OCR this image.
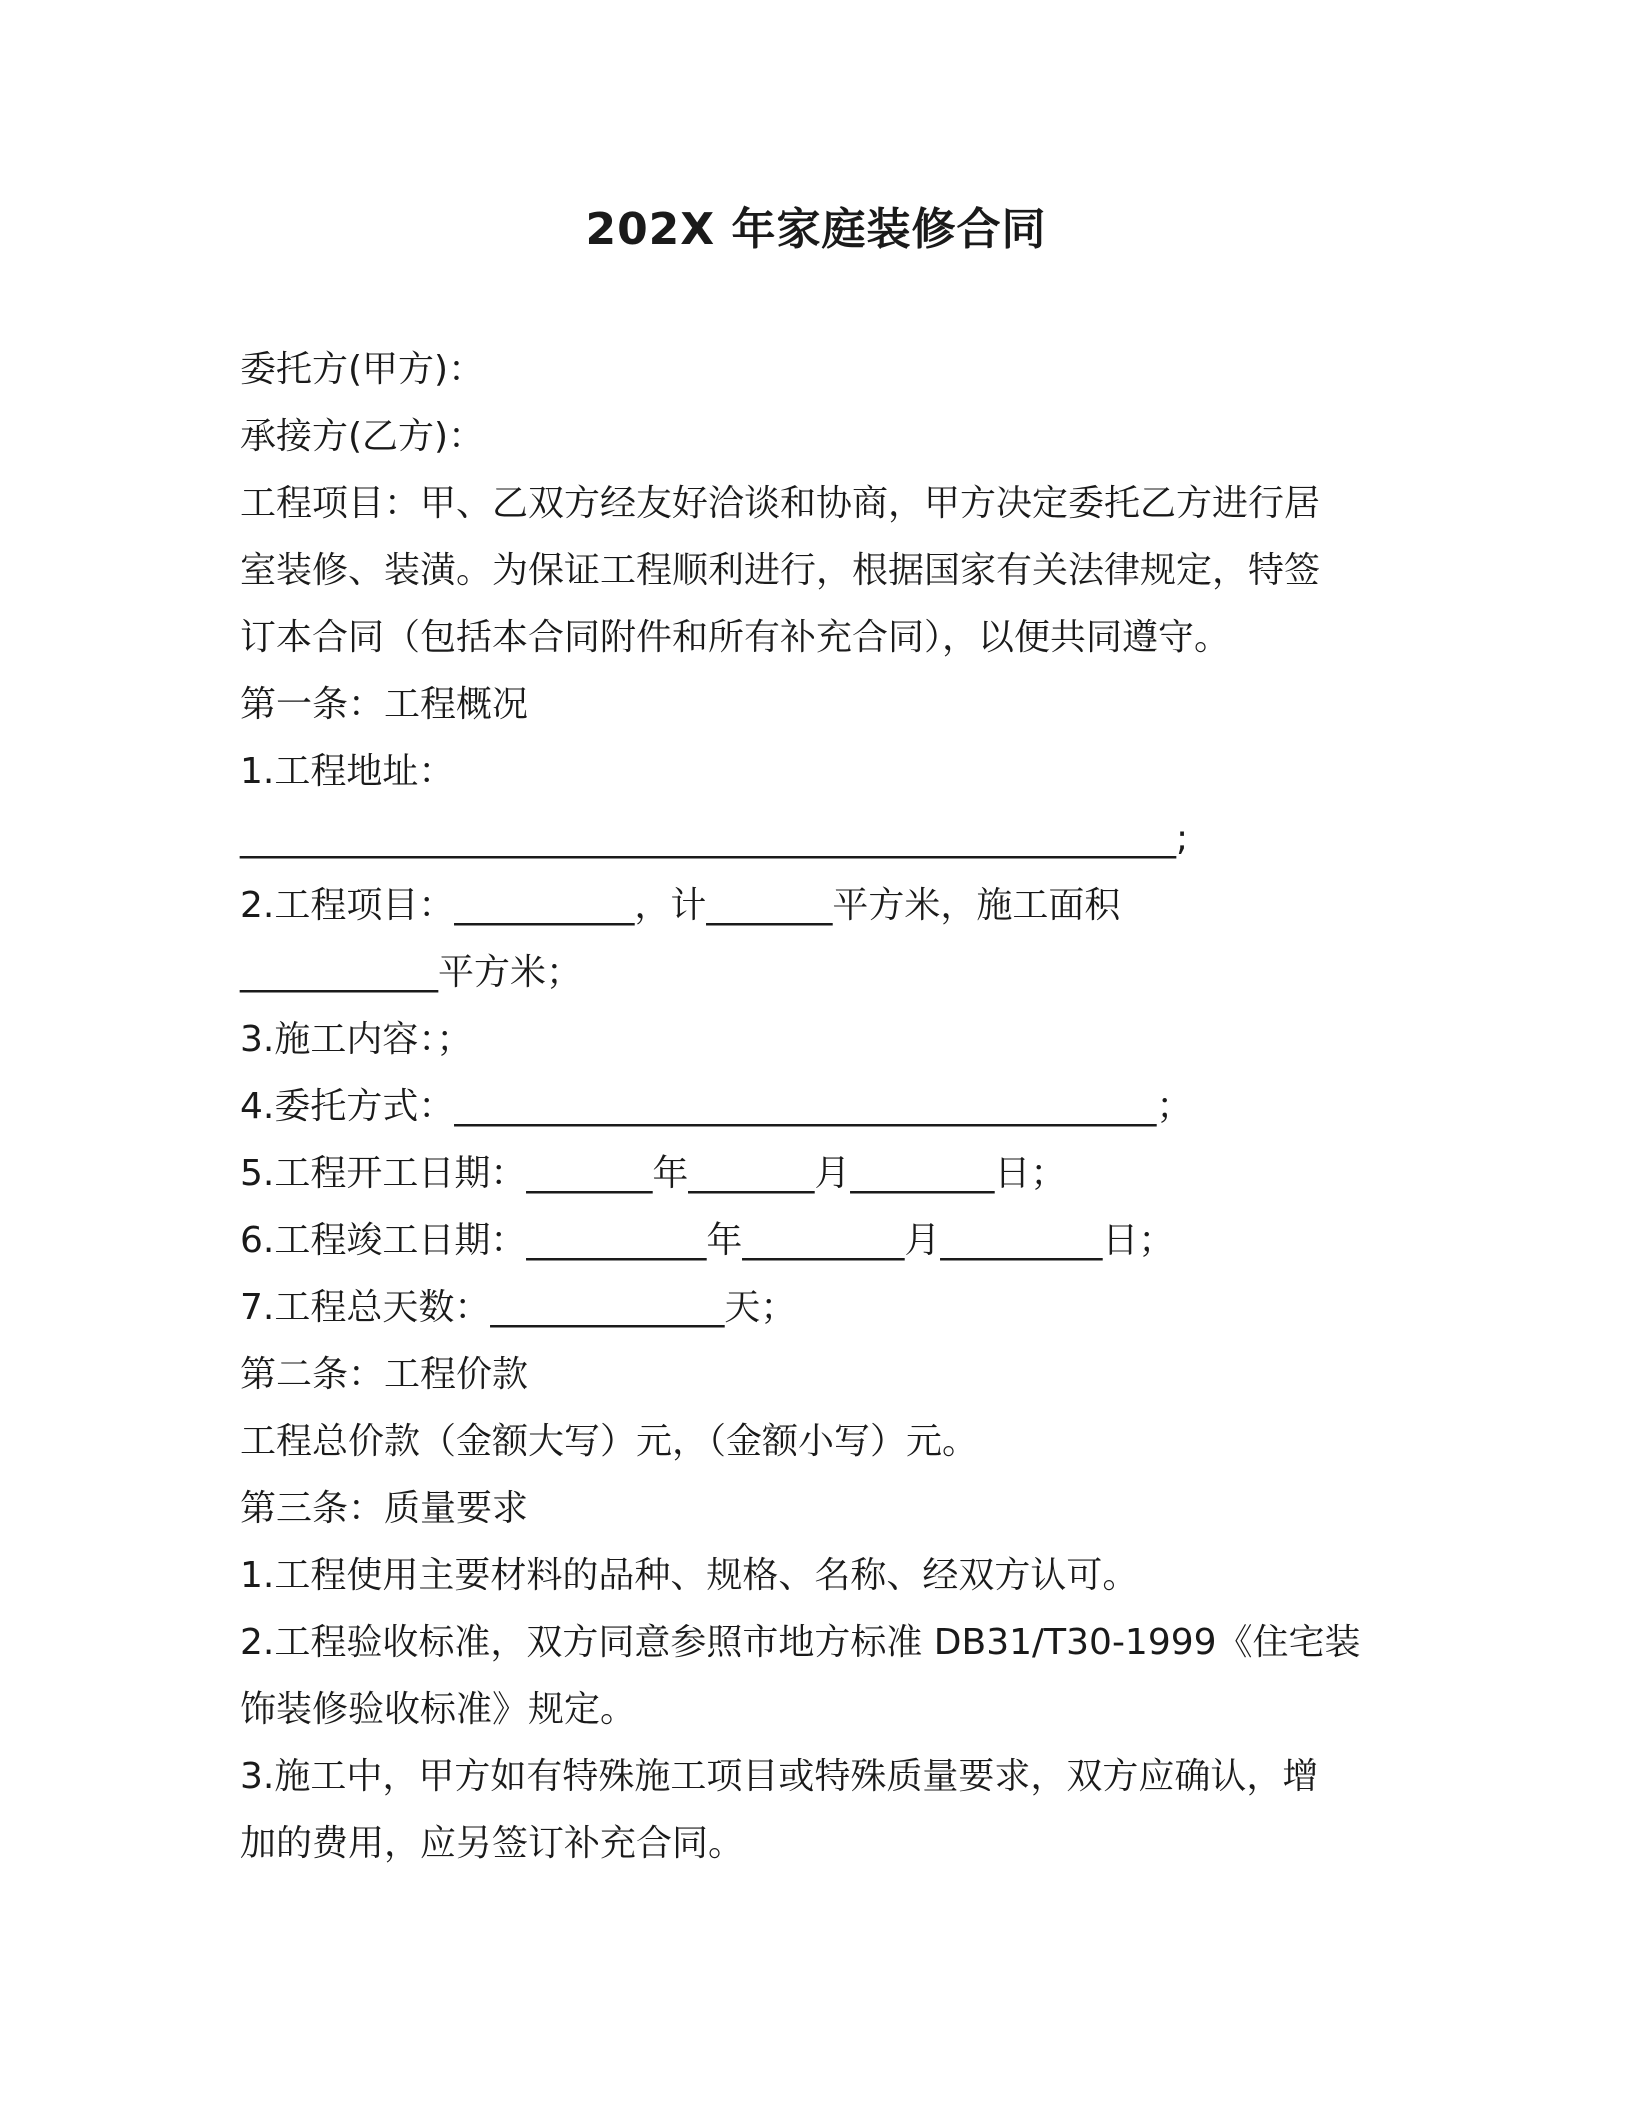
202X 年家庭装修合同
委托方(甲方)：
承接方(乙方)：
工程项目：甲、乙双方经友好洽谈和协商，甲方决定委托乙方进行居
室装修、装潢。为保证工程顺利进行，根据国家有关法律规定，特签
订本合同（包括本合同附件和所有补充合同），以便共同遵守。
第一条：工程概况
1.工程地址：
____________________________________________________;
2.工程项目：__________，计_______平方米，施工面积
___________平方米；
3.施工内容：；
4.委托方式：_______________________________________；
5.工程开工日期：_______年_______月________日；
6.工程竣工日期：__________年_________月_________日；
7.工程总天数：_____________天；
第二条：工程价款
工程总价款（金额大写）元，（金额小写）元。
第三条：质量要求
1.工程使用主要材料的品种、规格、名称、经双方认可。
2.工程验收标准，双方同意参照市地方标准 DB31/T30-1999《住宅装
饰装修验收标准》规定。
3.施工中，甲方如有特殊施工项目或特殊质量要求，双方应确认，增
加的费用，应另签订补充合同。
